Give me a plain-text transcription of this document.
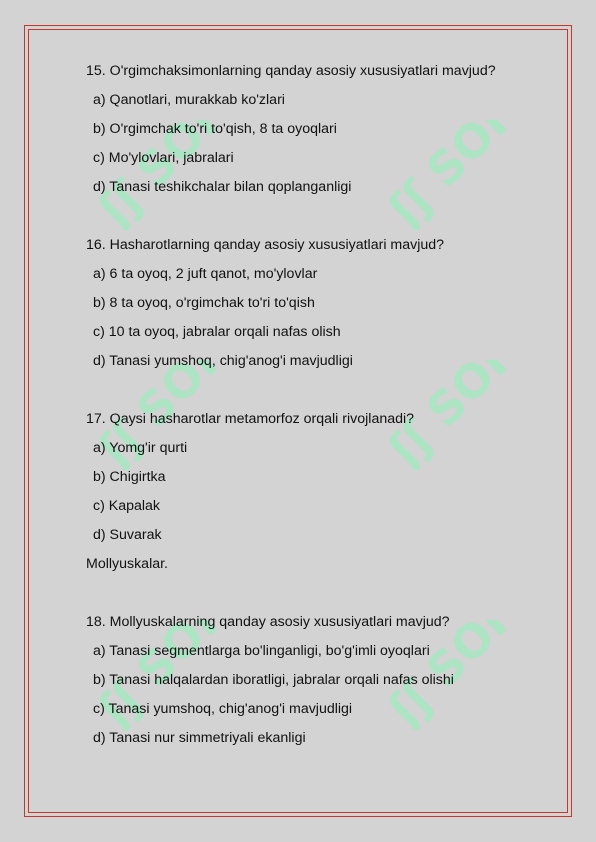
ʃʃ SOFF
ʃʃ SOFF
ʃʃ SOFF
ʃʃ SOFF
ʃʃ SOFF
ʃʃ SOFF
15. O'rgimchaksimonlarning qanday asosiy xususiyatlari mavjud?
a) Qanotlari, murakkab ko'zlari
b) O'rgimchak to'ri to'qish, 8 ta oyoqlari
c) Mo'ylovlari, jabralari
d) Tanasi teshikchalar bilan qoplanganligi
16. Hasharotlarning qanday asosiy xususiyatlari mavjud?
a) 6 ta oyoq, 2 juft qanot, mo'ylovlar
b) 8 ta oyoq, o'rgimchak to'ri to'qish
c) 10 ta oyoq, jabralar orqali nafas olish
d) Tanasi yumshoq, chig'anog'i mavjudligi
17. Qaysi hasharotlar metamorfoz orqali rivojlanadi?
a) Yomg'ir qurti
b) Chigirtka
c) Kapalak
d) Suvarak
Mollyuskalar.
18. Mollyuskalarning qanday asosiy xususiyatlari mavjud?
a) Tanasi segmentlarga bo'linganligi, bo'g'imli oyoqlari
b) Tanasi halqalardan iboratligi, jabralar orqali nafas olishi
c) Tanasi yumshoq, chig'anog'i mavjudligi
d) Tanasi nur simmetriyali ekanligi
